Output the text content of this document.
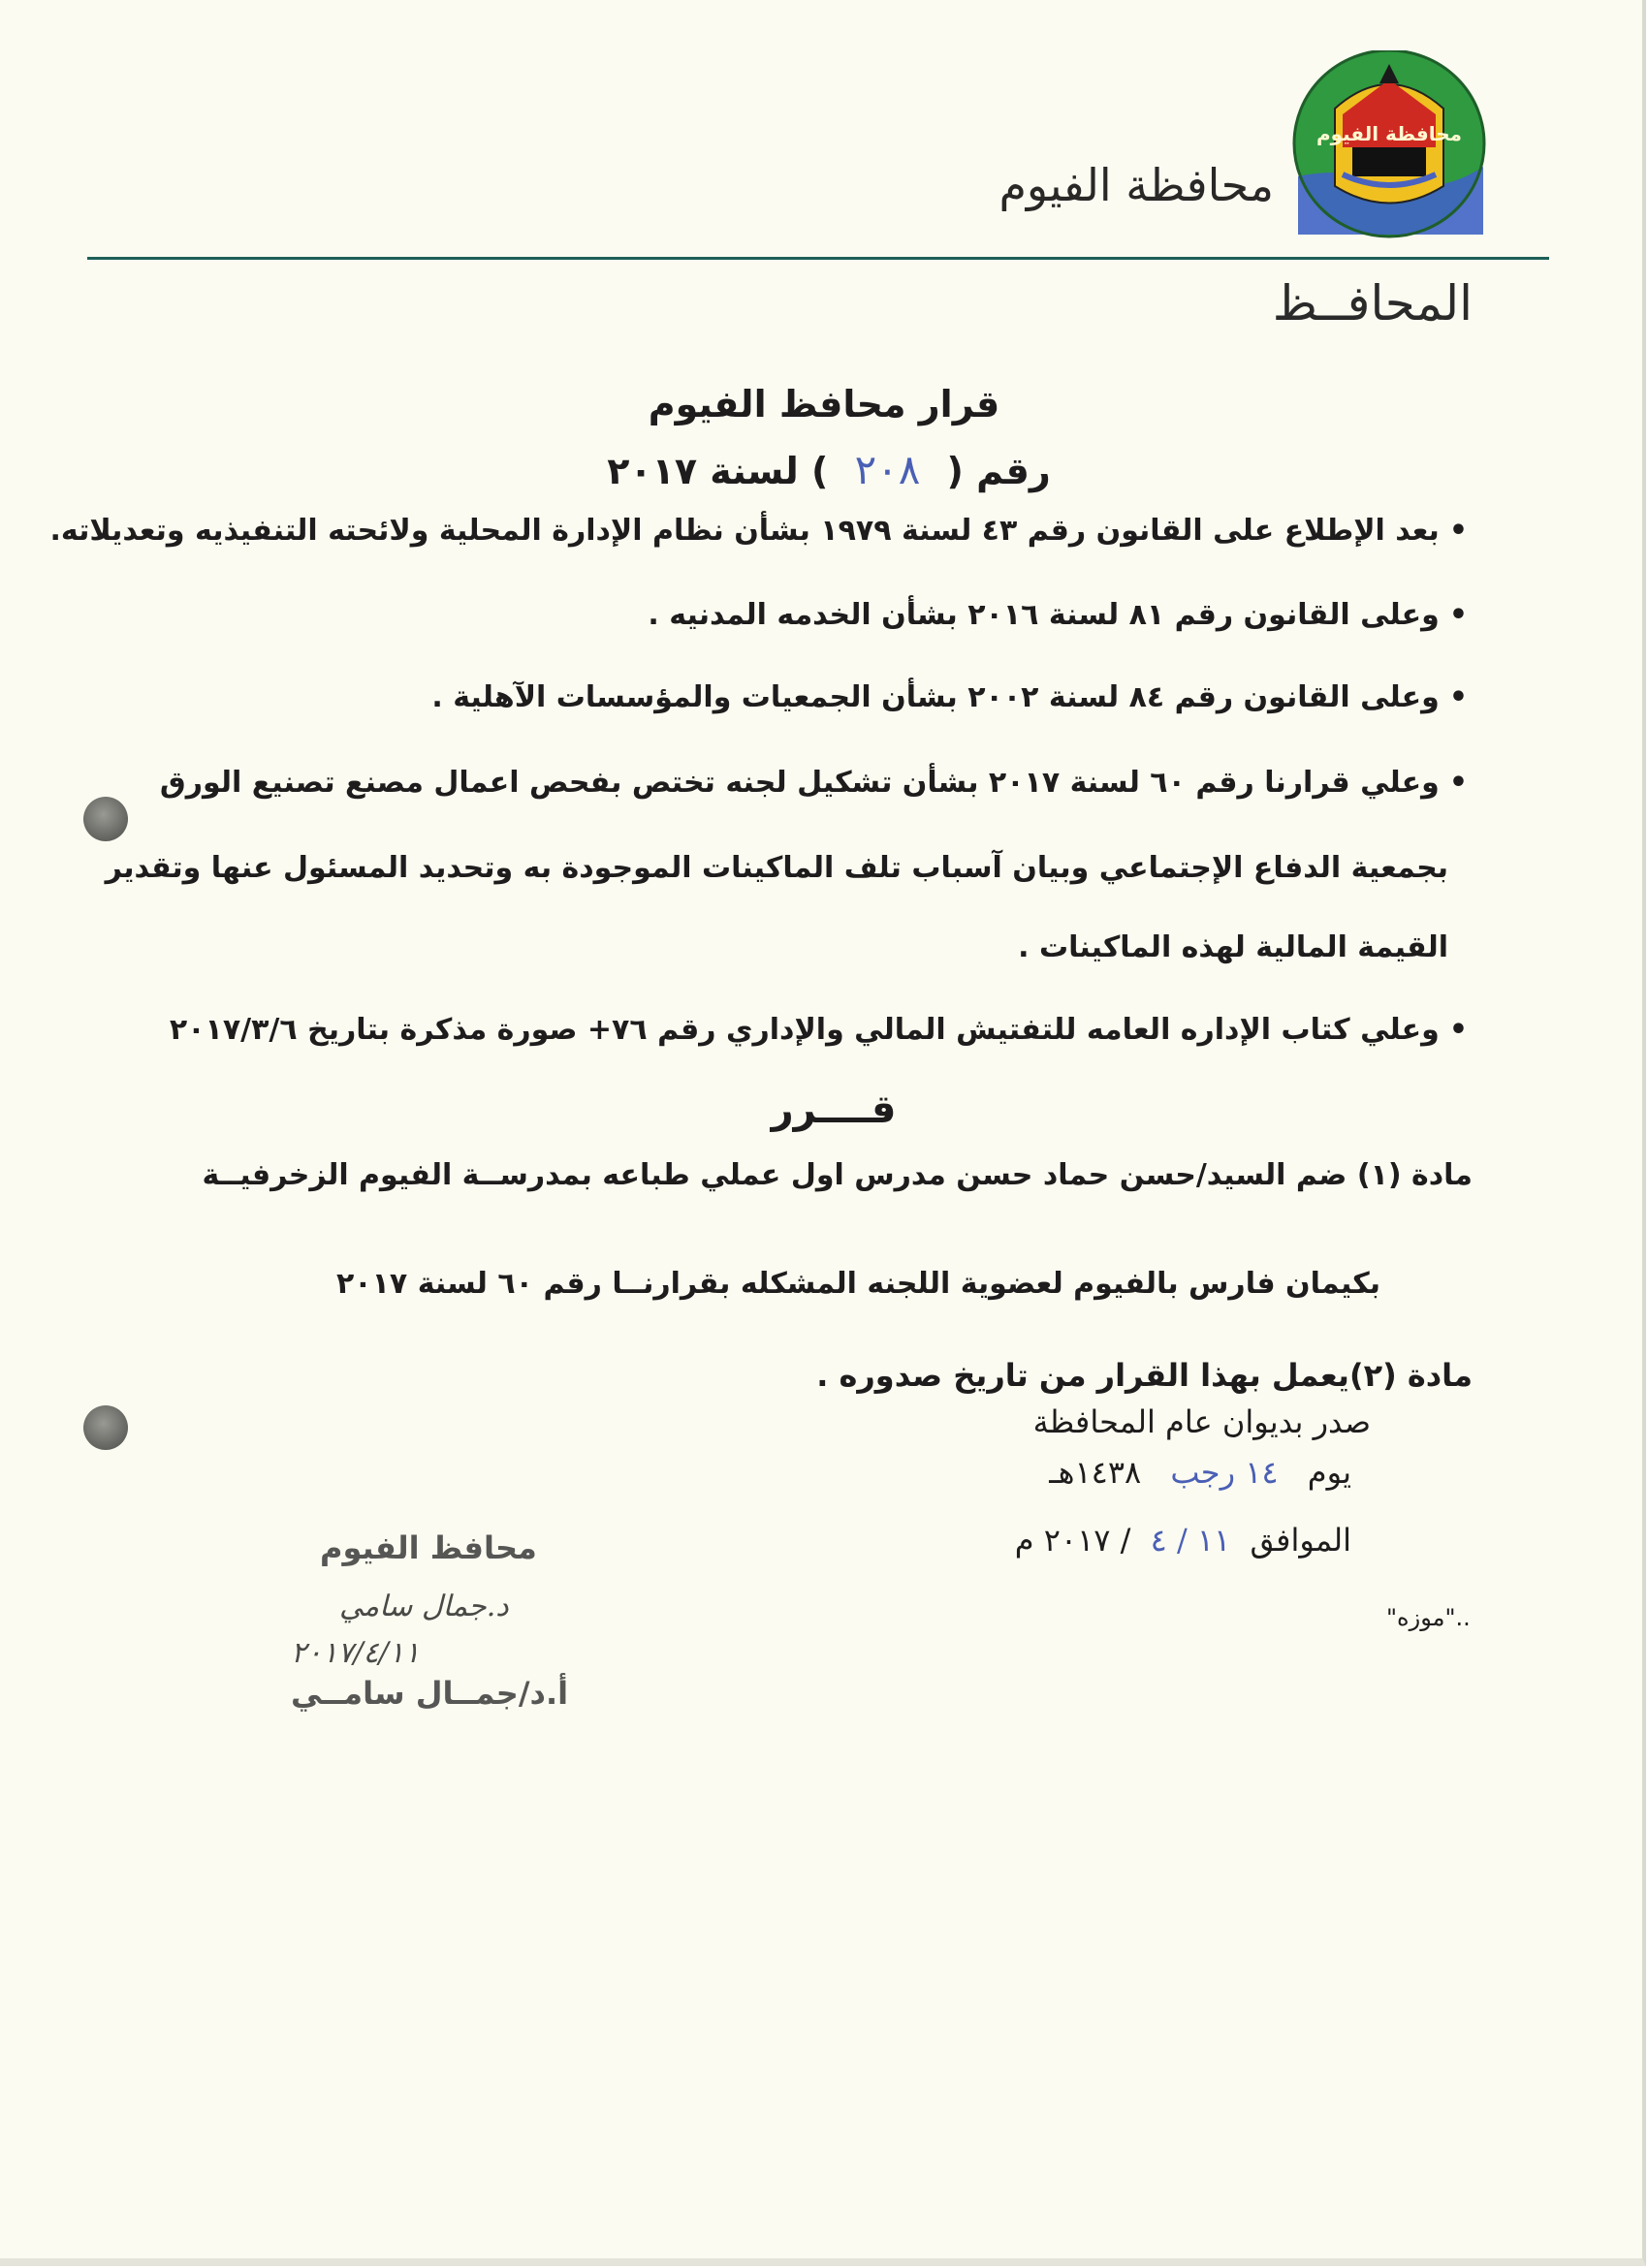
محافظة الفيوم
محافظة الفيوم
المحافــظ
قرار محافظ الفيوم
رقم ( ٢٠٨ ) لسنة ٢٠١٧
•بعد الإطلاع على القانون رقم ٤٣ لسنة ١٩٧٩ بشأن نظام الإدارة المحلية ولائحته التنفيذيه وتعديلاته.
•وعلى القانون رقم ٨١ لسنة ٢٠١٦ بشأن الخدمه المدنيه .
•وعلى القانون رقم ٨٤ لسنة ٢٠٠٢ بشأن الجمعيات والمؤسسات الآهلية .
•وعلي قرارنا رقم ٦٠ لسنة ٢٠١٧ بشأن تشكيل لجنه تختص بفحص اعمال مصنع تصنيع الورق
بجمعية الدفاع الإجتماعي وبيان آسباب تلف الماكينات الموجودة به وتحديد المسئول عنها وتقدير
القيمة المالية لهذه الماكينات .
•وعلي كتاب الإداره العامه للتفتيش المالي والإداري رقم ٧٦+ صورة مذكرة بتاريخ ٢٠١٧/٣/٦
قــــرر
مادة (١) ضم السيد/حسن حماد حسن مدرس اول عملي طباعه بمدرســة الفيوم الزخرفيــة
بكيمان فارس بالفيوم لعضوية اللجنه المشكله بقرارنــا رقم ٦٠ لسنة ٢٠١٧
مادة (٢)يعمل بهذا القرار من تاريخ صدوره .
صدر بديوان عام المحافظة
يوم ١٤ رجب ١٤٣٨هـ
الموافق ١١ / ٤ / ٢٠١٧ م
محافظ الفيوم
د.جمال سامي
٢٠١٧/٤/١١
أ.د/جمــال سامــي
"موزه"..
